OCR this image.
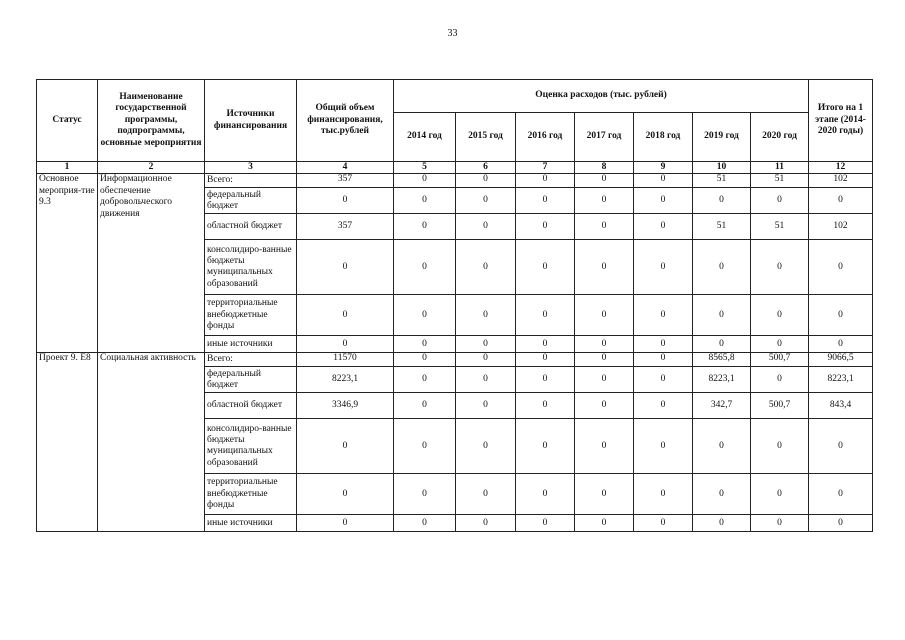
33
Статус	Наименование государственной программы, подпрограммы, основные мероприятия	Источники финансирования	Общий объем финансирования, тыс.рублей	Оценка расходов (тыс. рублей)							Итого на 1 этапе (2014-2020 годы)
				2014 год	2015 год	2016 год	2017 год	2018 год	2019 год	2020 год	
1	2	3	4	5	6	7	8	9	10	11	12
Основное мероприя-тие 9.3	Информационное обеспечение добровольческого движения	Всего:	357	0	0	0	0	0	51	51	102
		федеральный бюджет	0	0	0	0	0	0	0	0	0
		областной бюджет	357	0	0	0	0	0	51	51	102
		консолидиро-ванные бюджеты муниципальных образований	0	0	0	0	0	0	0	0	0
		территориальные внебюджетные фонды	0	0	0	0	0	0	0	0	0
		иные источники	0	0	0	0	0	0	0	0	0
Проект 9. Е8	Социальная активность	Всего:	11570	0	0	0	0	0	8565,8	500,7	9066,5
		федеральный бюджет	8223,1	0	0	0	0	0	8223,1	0	8223,1
		областной бюджет	3346,9	0	0	0	0	0	342,7	500,7	843,4
		консолидиро-ванные бюджеты муниципальных образований	0	0	0	0	0	0	0	0	0
		территориальные внебюджетные фонды	0	0	0	0	0	0	0	0	0
		иные источники	0	0	0	0	0	0	0	0	0
